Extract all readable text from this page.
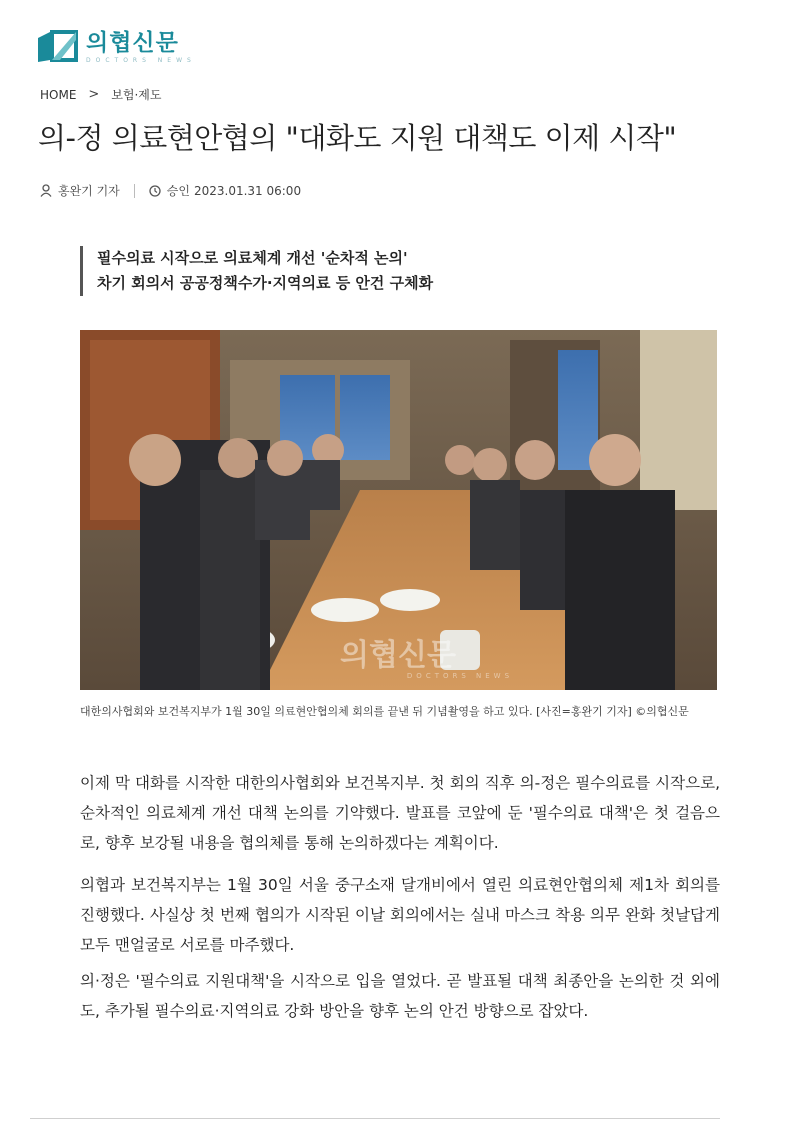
의협신문
DOCTORS NEWS
HOME > 보험·제도
의-정 의료현안협의 "대화도 지원 대책도 이제 시작"
홍완기 기자	승인 2023.01.31 06:00
필수의료 시작으로 의료체계 개선 '순차적 논의'
차기 회의서 공공정책수가·지역의료 등 안건 구체화
의협신문
DOCTORS NEWS
대한의사협회와 보건복지부가 1월 30일 의료현안협의체 회의를 끝낸 뒤 기념촬영을 하고 있다. [사진=홍완기 기자] ©의협신문

이제 막 대화를 시작한 대한의사협회와 보건복지부. 첫 회의 직후 의-정은 필수의료를 시작으로, 순차적인 의료체계 개선 대책 논의를 기약했다. 발표를 코앞에 둔 '필수의료 대책'은 첫 걸음으로, 향후 보강될 내용을 협의체를 통해 논의하겠다는 계획이다.

의협과 보건복지부는 1월 30일 서울 중구소재 달개비에서 열린 의료현안협의체 제1차 회의를 진행했다. 사실상 첫 번째 협의가 시작된 이날 회의에서는 실내 마스크 착용 의무 완화 첫날답게 모두 맨얼굴로 서로를 마주했다.

의·정은 '필수의료 지원대책'을 시작으로 입을 열었다. 곧 발표될 대책 최종안을 논의한 것 외에도, 추가될 필수의료·지역의료 강화 방안을 향후 논의 안건 방향으로 잡았다.
